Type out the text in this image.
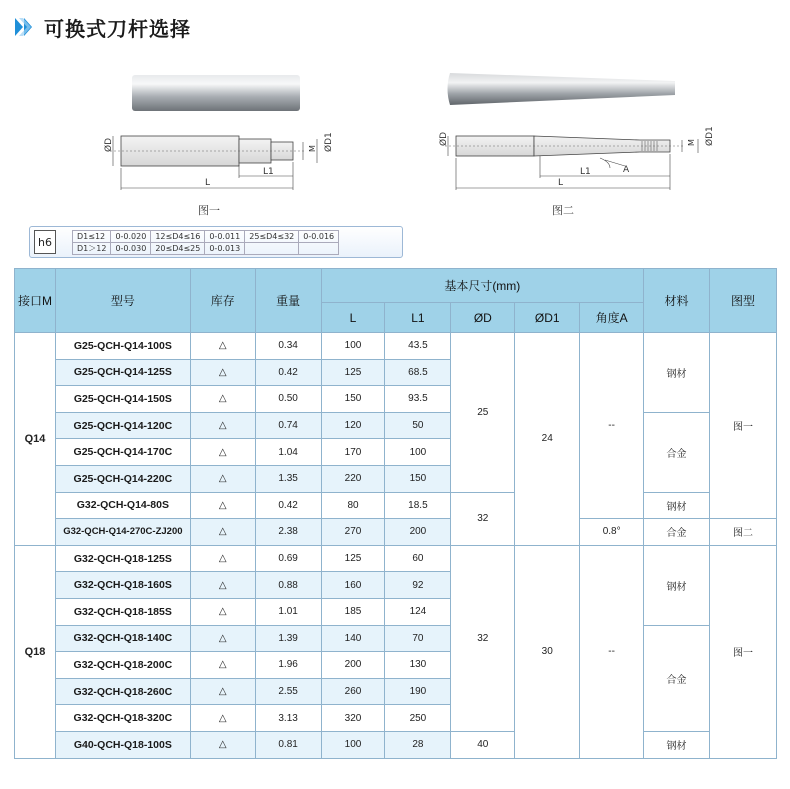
可换式刀杆选择
ØD	M ØD1
L
L1
图一
ØD	M ØD1
L
L1	A
图二
h6	D1≤12	0-0.020	12≤D4≤16	0-0.011	25≤D4≤32	0-0.016
D1＞12	0-0.030	20≤D4≤25	0-0.013		
接口M	型号	库存	重量	基本尺寸(mm)					材料	图型
				L	L1	ØD	ØD1	角度A		
Q14	G25-QCH-Q14-100S	△	0.34	100	43.5	25	24	--	钢材	图一
	G25-QCH-Q14-125S	△	0.42	125	68.5					
	G25-QCH-Q14-150S	△	0.50	150	93.5					
	G25-QCH-Q14-120C	△	0.74	120	50				合金	
	G25-QCH-Q14-170C	△	1.04	170	100					
	G25-QCH-Q14-220C	△	1.35	220	150					
	G32-QCH-Q14-80S	△	0.42	80	18.5	32			钢材	
	G32-QCH-Q14-270C-ZJ200	△	2.38	270	200			0.8°	合金	图二
Q18	G32-QCH-Q18-125S	△	0.69	125	60	32	30	--	钢材	图一
	G32-QCH-Q18-160S	△	0.88	160	92					
	G32-QCH-Q18-185S	△	1.01	185	124					
	G32-QCH-Q18-140C	△	1.39	140	70				合金	
	G32-QCH-Q18-200C	△	1.96	200	130					
	G32-QCH-Q18-260C	△	2.55	260	190					
	G32-QCH-Q18-320C	△	3.13	320	250					
	G40-QCH-Q18-100S	△	0.81	100	28	40			钢材	
